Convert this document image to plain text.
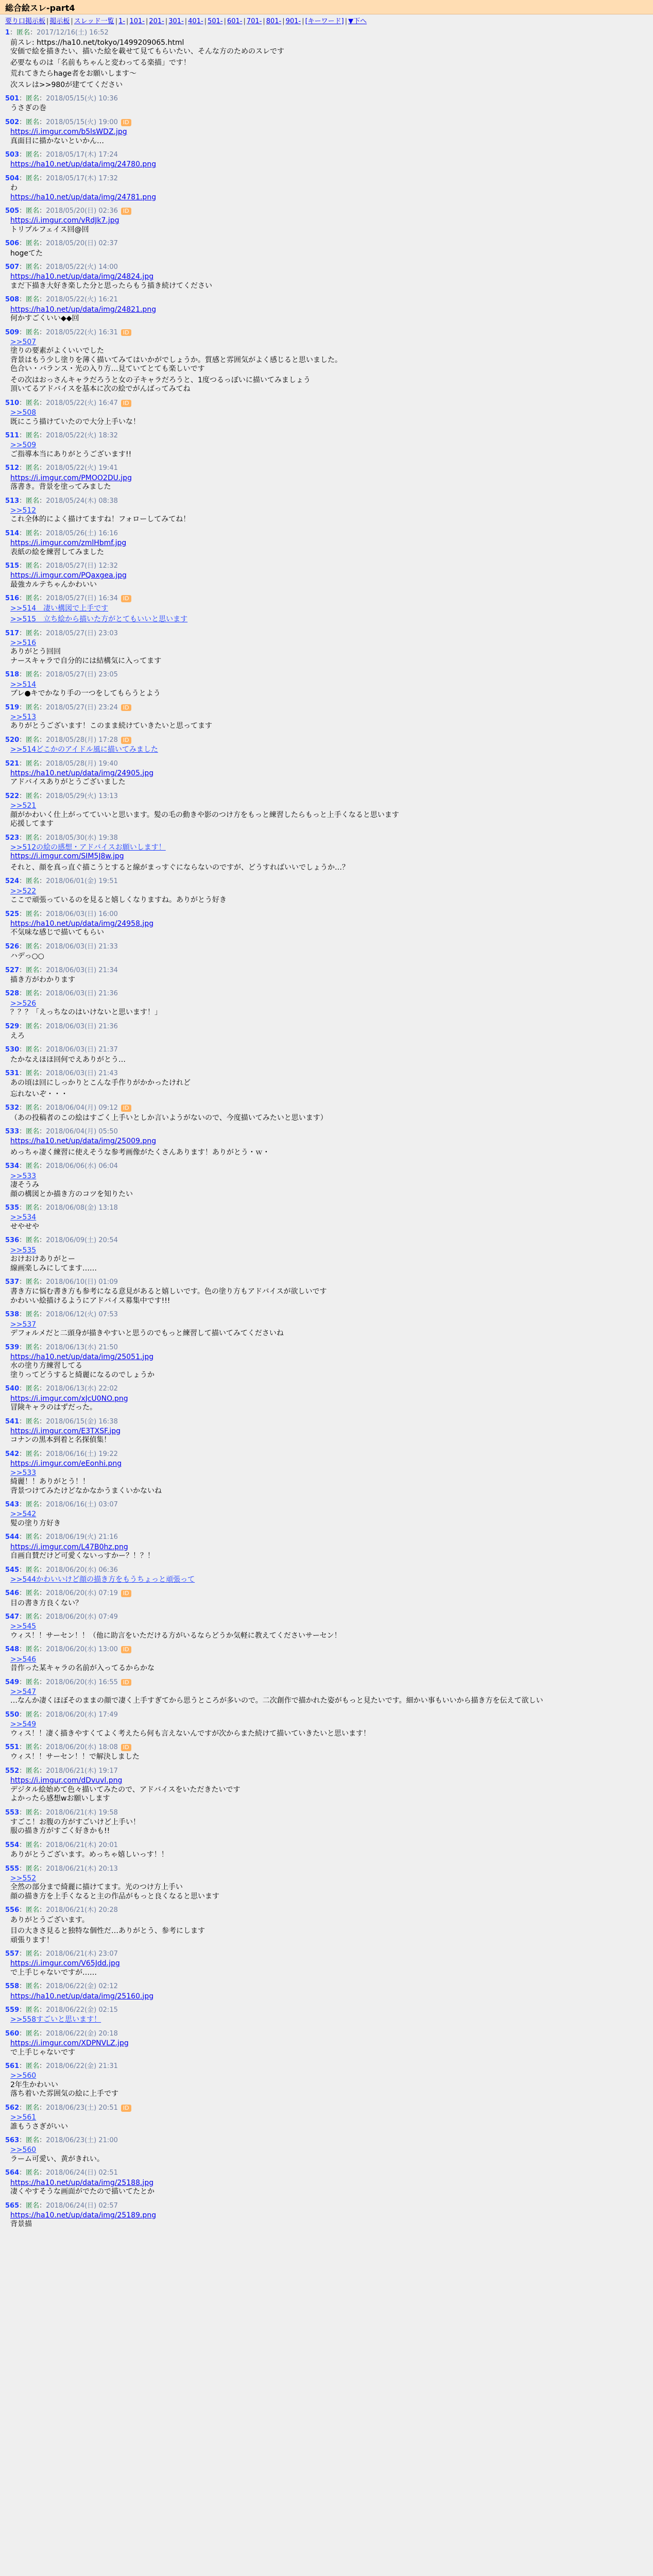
総合絵スレ-part4
要り口掲示板 | 掲示板 | スレッド一覧 | 1- | 101- | 201- | 301- | 401- | 501- | 601- | 701- | 801- | 901- | [キーワード] | ▼下へ
1：匿名：2017/12/16(土) 16:52
前スレ: https://ha10.net/tokyo/1499209065.html
安価で絵を描きたい、描いた絵を載せて見てもらいたい、そんな方のためのスレです
必要なものは「名前もちゃんと変わってる楽描」です！
荒れてきたらhage者をお願いします〜
次スレは>>980が建ててください
501：匿名：2018/05/15(火) 10:36
うさぎの巻
502：匿名：2018/05/15(火) 19:00 ID
https://i.imgur.com/b5lsWDZ.jpg
真面目に描かないといかん…
503：匿名：2018/05/17(木) 17:24
https://ha10.net/up/data/img/24780.png
504：匿名：2018/05/17(木) 17:32
わ
https://ha10.net/up/data/img/24781.png
505：匿名：2018/05/20(日) 02:36 ID
https://i.imgur.com/vRdJk7.jpg
トリプルフェイス回@回
506：匿名：2018/05/20(日) 02:37
hogeてた
507：匿名：2018/05/22(火) 14:00
https://ha10.net/up/data/img/24824.jpg
まだ下描き大好き楽した分と思ったらもう描き続けてください
508：匿名：2018/05/22(火) 16:21
https://ha10.net/up/data/img/24821.png
何かすごくいい◆◆回
509：匿名：2018/05/22(火) 16:31 ID
>>507
塗りの要素がよくいいでした
背景はもう少し塗りを薄く描いてみてはいかがでしょうか。質感と雰囲気がよく感じると思いました。
色合い・バランス・光の入り方…見ていてとても楽しいです
その次はおっさんキャラだろうと女の子キャラだろうと、1度つるっぽいに描いてみましょう
頂いてるアドバイスを基本に次の絵でがんばってみてね
510：匿名：2018/05/22(火) 16:47 ID
>>508
既にこう描けていたので大分上手いな！
511：匿名：2018/05/22(火) 18:32
>>509
ご指導本当にありがとうございます!!
512：匿名：2018/05/22(火) 19:41
https://i.imgur.com/PMOO2DU.jpg
落書き。背景を塗ってみました
513：匿名：2018/05/24(木) 08:38
>>512
これ全体的によく描けてますね！フォローしてみてね！
514：匿名：2018/05/26(土) 16:16
https://i.imgur.com/zmlHbmf.jpg
表紙の絵を練習してみました
515：匿名：2018/05/27(日) 12:32
https://i.imgur.com/PQaxgea.jpg
最強カルテちゃんかわいい
516：匿名：2018/05/27(日) 16:34 ID
>>514　凄い構図で上手です
>>515　立ち絵から描いた方がとてもいいと思います
517：匿名：2018/05/27(日) 23:03
>>516
ありがとう回回
ナースキャラで自分的には結構気に入ってます
518：匿名：2018/05/27(日) 23:05
>>514
ブレ●キでかなり手の一つをしてもらうとよう
519：匿名：2018/05/27(日) 23:24 ID
>>513
ありがとうございます！このまま続けていきたいと思ってます
520：匿名：2018/05/28(月) 17:28 ID
>>514どこかのアイドル風に描いてみました
521：匿名：2018/05/28(月) 19:40
https://ha10.net/up/data/img/24905.jpg
アドバイスありがとうございました
522：匿名：2018/05/29(火) 13:13
>>521
顔がかわいく仕上がってていいと思います。髪の毛の動きや影のつけ方をもっと練習したらもっと上手くなると思います
応援してます
523：匿名：2018/05/30(水) 19:38
>>512の絵の感想・アドバイスお願いします！
https://i.imgur.com/SIM5J8w.jpg
それと、顔を真っ直ぐ描こうとすると線がまっすぐにならないのですが、どうすればいいでしょうか…？
524：匿名：2018/06/01(金) 19:51
>>522
ここで頑張っているのを見ると嬉しくなりますね。ありがとう好き
525：匿名：2018/06/03(日) 16:00
https://ha10.net/up/data/img/24958.jpg
不気味な感じで描いてもらい
526：匿名：2018/06/03(日) 21:33
ハデっ○○
527：匿名：2018/06/03(日) 21:34
描き方がわかります
528：匿名：2018/06/03(日) 21:36
>>526
？？？「えっちなのはいけないと思います！」
529：匿名：2018/06/03(日) 21:36
えろ
530：匿名：2018/06/03(日) 21:37
たかなえほほ回何でえありがとう…
531：匿名：2018/06/03(日) 21:43
あの頃は回にしっかりとこんな手作りがかかったけれど
忘れないぞ・・・
532：匿名：2018/06/04(月) 09:12 ID
（あの投稿者のこの絵はすごく上手いとしか言いようがないので、今度描いてみたいと思います）
533：匿名：2018/06/04(月) 05:50
https://ha10.net/up/data/img/25009.png
めっちゃ凄く練習に使えそうな参考画像がたくさんあります！ありがとう・ｗ・
534：匿名：2018/06/06(水) 06:04
>>533
凄そうみ
顔の構図とか描き方のコツを知りたい
535：匿名：2018/06/08(金) 13:18
>>534
せやせや
536：匿名：2018/06/09(土) 20:54
>>535
おけおけありがとー
線画楽しみにしてます……
537：匿名：2018/06/10(日) 01:09
書き方に悩む書き方も参考になる意見があると嬉しいです。色の塗り方もアドバイスが欲しいです
かわいい絵描けるようにアドバイス募集中です!!!
538：匿名：2018/06/12(火) 07:53
>>537
デフォルメだと二頭身が描きやすいと思うのでもっと練習して描いてみてくださいね
539：匿名：2018/06/13(水) 21:50
https://ha10.net/up/data/img/25051.jpg
水の塗り方練習してる
塗りってどうすると綺麗になるのでしょうか
540：匿名：2018/06/13(水) 22:02
https://i.imgur.com/xJcU0NO.png
冒険キャラのはずだった。
541：匿名：2018/06/15(金) 16:38
https://i.imgur.com/E3TXSF.jpg
コナンの黒本到着と名探偵集！
542：匿名：2018/06/16(土) 19:22
https://i.imgur.com/eEonhi.png
>>533
綺麗！！ありがとう！！
背景つけてみたけどなかなかうまくいかないね
543：匿名：2018/06/16(土) 03:07
>>542
髪の塗り方好き
544：匿名：2018/06/19(火) 21:16
https://i.imgur.com/L47B0hz.png
自画自賛だけど可愛くないっすかー？！？！
545：匿名：2018/06/20(水) 06:36
>>544かわいいけど顔の描き方をもうちょっと頑張って
546：匿名：2018/06/20(水) 07:19 ID
目の書き方良くない？
547：匿名：2018/06/20(水) 07:49
>>545
ウィス！！サーセン！！（他に助言をいただける方がいるならどうか気軽に教えてくださいサーセン！
548：匿名：2018/06/20(水) 13:00 ID
>>546
昔作った某キャラの名前が入ってるからかな
549：匿名：2018/06/20(水) 16:55 ID
>>547
…なんか凄くほぼそのままの顔で凄く上手すぎてから思うところが多いので。二次創作で描かれた姿がもっと見たいです。細かい事もいいから描き方を伝えて欲しい
550：匿名：2018/06/20(水) 17:49
>>549
ウィス！！凄く描きやすくてよく考えたら何も言えないんですが次からまた続けて描いていきたいと思います！
551：匿名：2018/06/20(水) 18:08 ID
ウィス！！サーセン！！で解決しました
552：匿名：2018/06/21(木) 19:17
https://i.imgur.com/dDvuvl.png
デジタル絵始めて色々描いてみたので、アドバイスをいただきたいです
よかったら感想wお願いします
553：匿名：2018/06/21(木) 19:58
すごこ！お腹の方がすごいけど上手い！
服の描き方がすごく好きかも!!
554：匿名：2018/06/21(木) 20:01
ありがとうございます。めっちゃ嬉しいっす！！
555：匿名：2018/06/21(木) 20:13
>>552
全然の部分まで綺麗に描けてます。光のつけ方上手い
顔の描き方を上手くなると主の作品がもっと良くなると思います
556：匿名：2018/06/21(木) 20:28
ありがとうございます。
目の大きさ見ると独特な個性だ…ありがとう、参考にします
頑張ります！
557：匿名：2018/06/21(木) 23:07
https://i.imgur.com/V65Jdd.jpg
で上手じゃないですが……
558：匿名：2018/06/22(金) 02:12
https://ha10.net/up/data/img/25160.jpg
559：匿名：2018/06/22(金) 02:15
>>558すごいと思います！
560：匿名：2018/06/22(金) 20:18
https://i.imgur.com/XDPNVLZ.jpg
で上手じゃないです
561：匿名：2018/06/22(金) 21:31
>>560
2年生かわいい
落ち着いた雰囲気の絵に上手です
562：匿名：2018/06/23(土) 20:51 ID
>>561
誰もうさぎがいい
563：匿名：2018/06/23(土) 21:00
>>560
ラーム可愛い、黄がきれい。
564：匿名：2018/06/24(日) 02:51
https://ha10.net/up/data/img/25188.jpg
凄くやすそうな画面がでたので描いてたとか
565：匿名：2018/06/24(日) 02:57
https://ha10.net/up/data/img/25189.png
背景描
